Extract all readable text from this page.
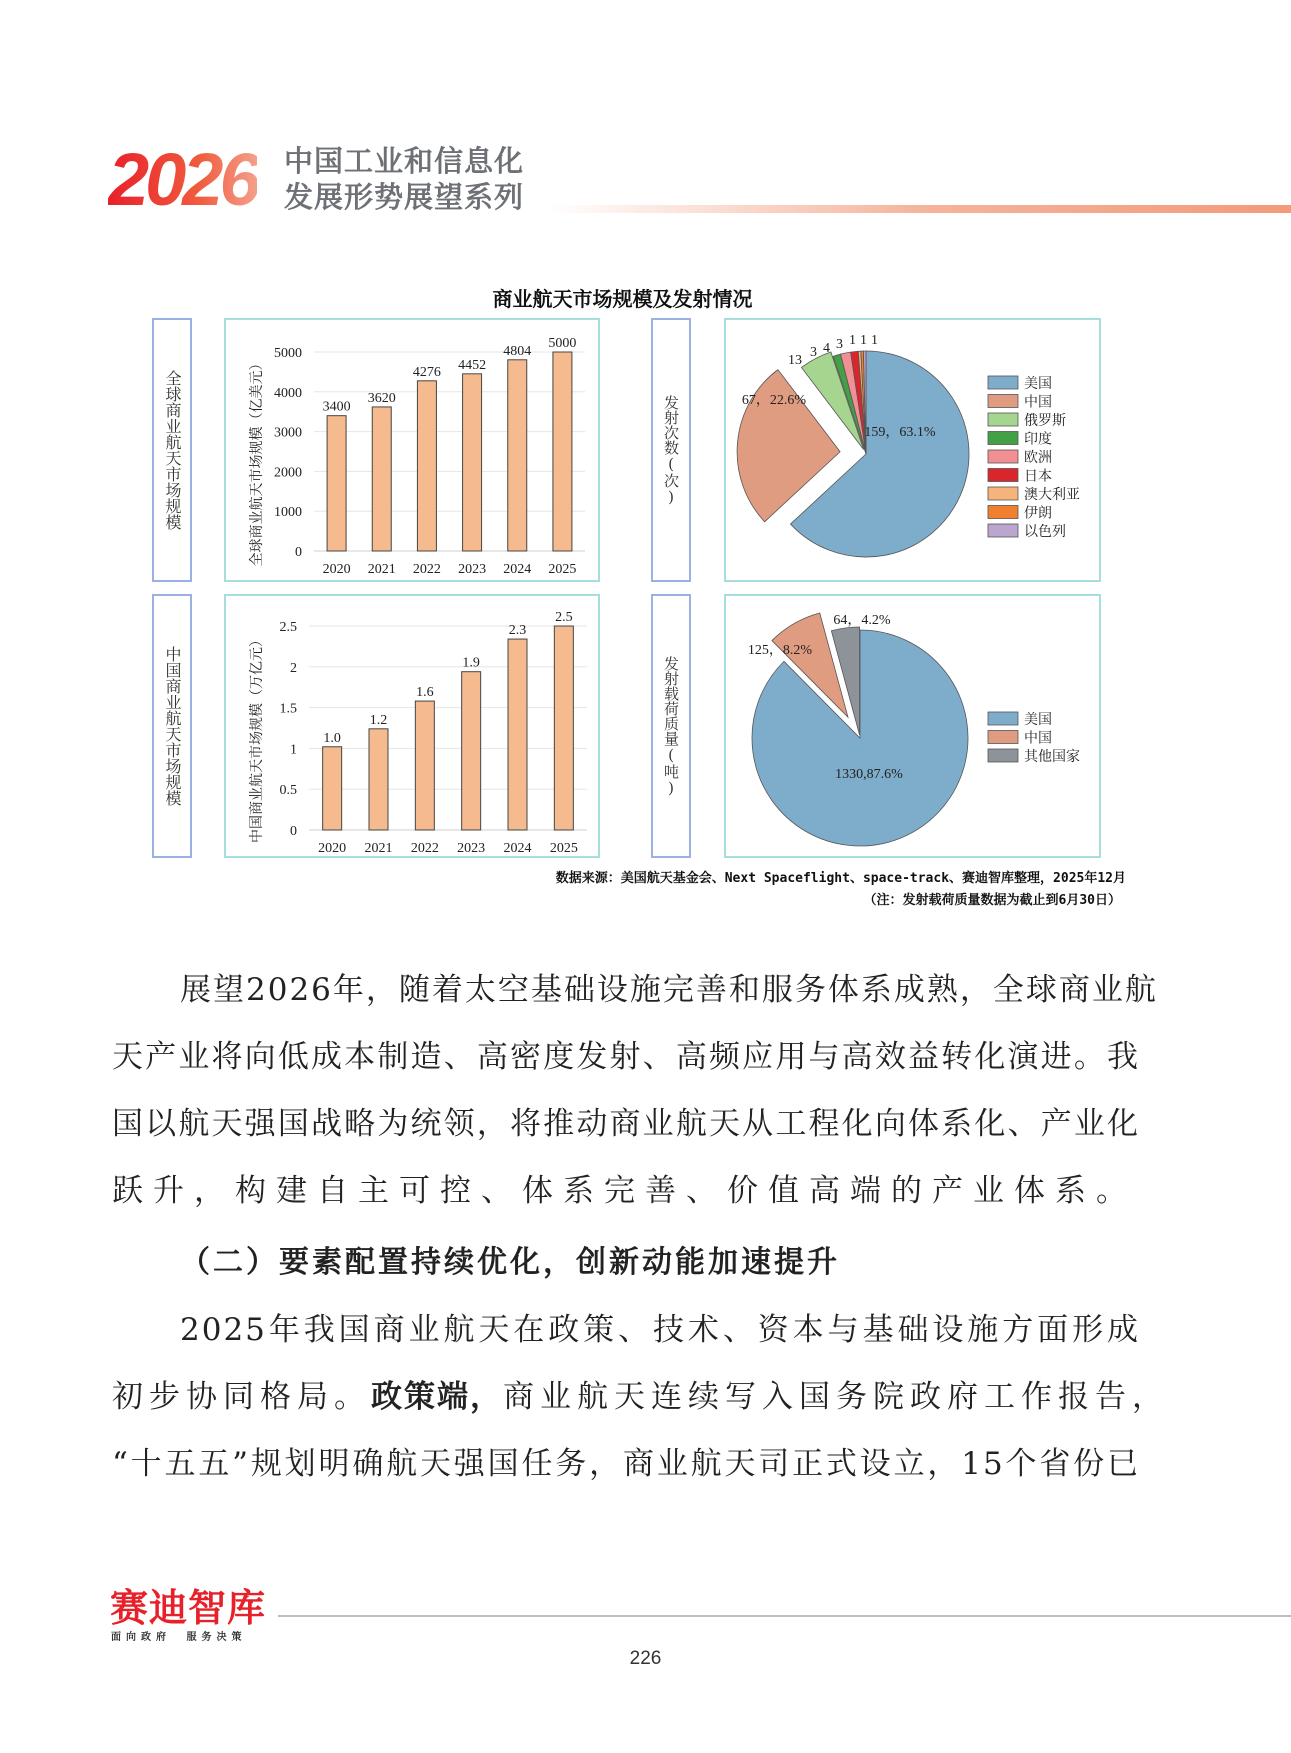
2026 中国工业和信息化
发展形势展望系列
商业航天市场规模及发射情况
全球商业航天市场规模
0
1000
2000
3000
4000
5000
3400
2020
3620
2021
4276
2022
4452
2023
4804
2024
5000
2025
全球商业航天市场规模（亿美元）	发射次数(次)	159，63.1%
67，22.6%
13
3 4 3 1 1 1
美国
中国
俄罗斯
印度
欧洲
日本
澳大利亚
伊朗
以色列
中国商业航天市场规模
0
0.5
1
1.5
2
2.5
1.0
2020
1.2
2021
1.6
2022
1.9
2023
2.3
2024
2.5
2025
中国商业航天市场规模（万亿元）	发射载荷质量(吨)	1330,87.6%
125，8.2%
64，4.2%
美国
中国
其他国家
数据来源：美国航天基金会、Next Spaceflight、space-track、赛迪智库整理，2025年12月
（注：发射载荷质量数据为截止到6月30日）
展望2026年，随着太空基础设施完善和服务体系成熟，全球商业航
天产业将向低成本制造、高密度发射、高频应用与高效益转化演进。我
国以航天强国战略为统领，将推动商业航天从工程化向体系化、产业化
跃升，构建自主可控、体系完善、价值高端的产业体系。
（二）要素配置持续优化，创新动能加速提升
2025年我国商业航天在政策、技术、资本与基础设施方面形成
初步协同格局。 政策端， 商业航天连续写入国务院政府工作报告，
“十五五”规划明确航天强国任务，商业航天司正式设立，15个省份已
赛迪智库
面向政府  服务决策
226
